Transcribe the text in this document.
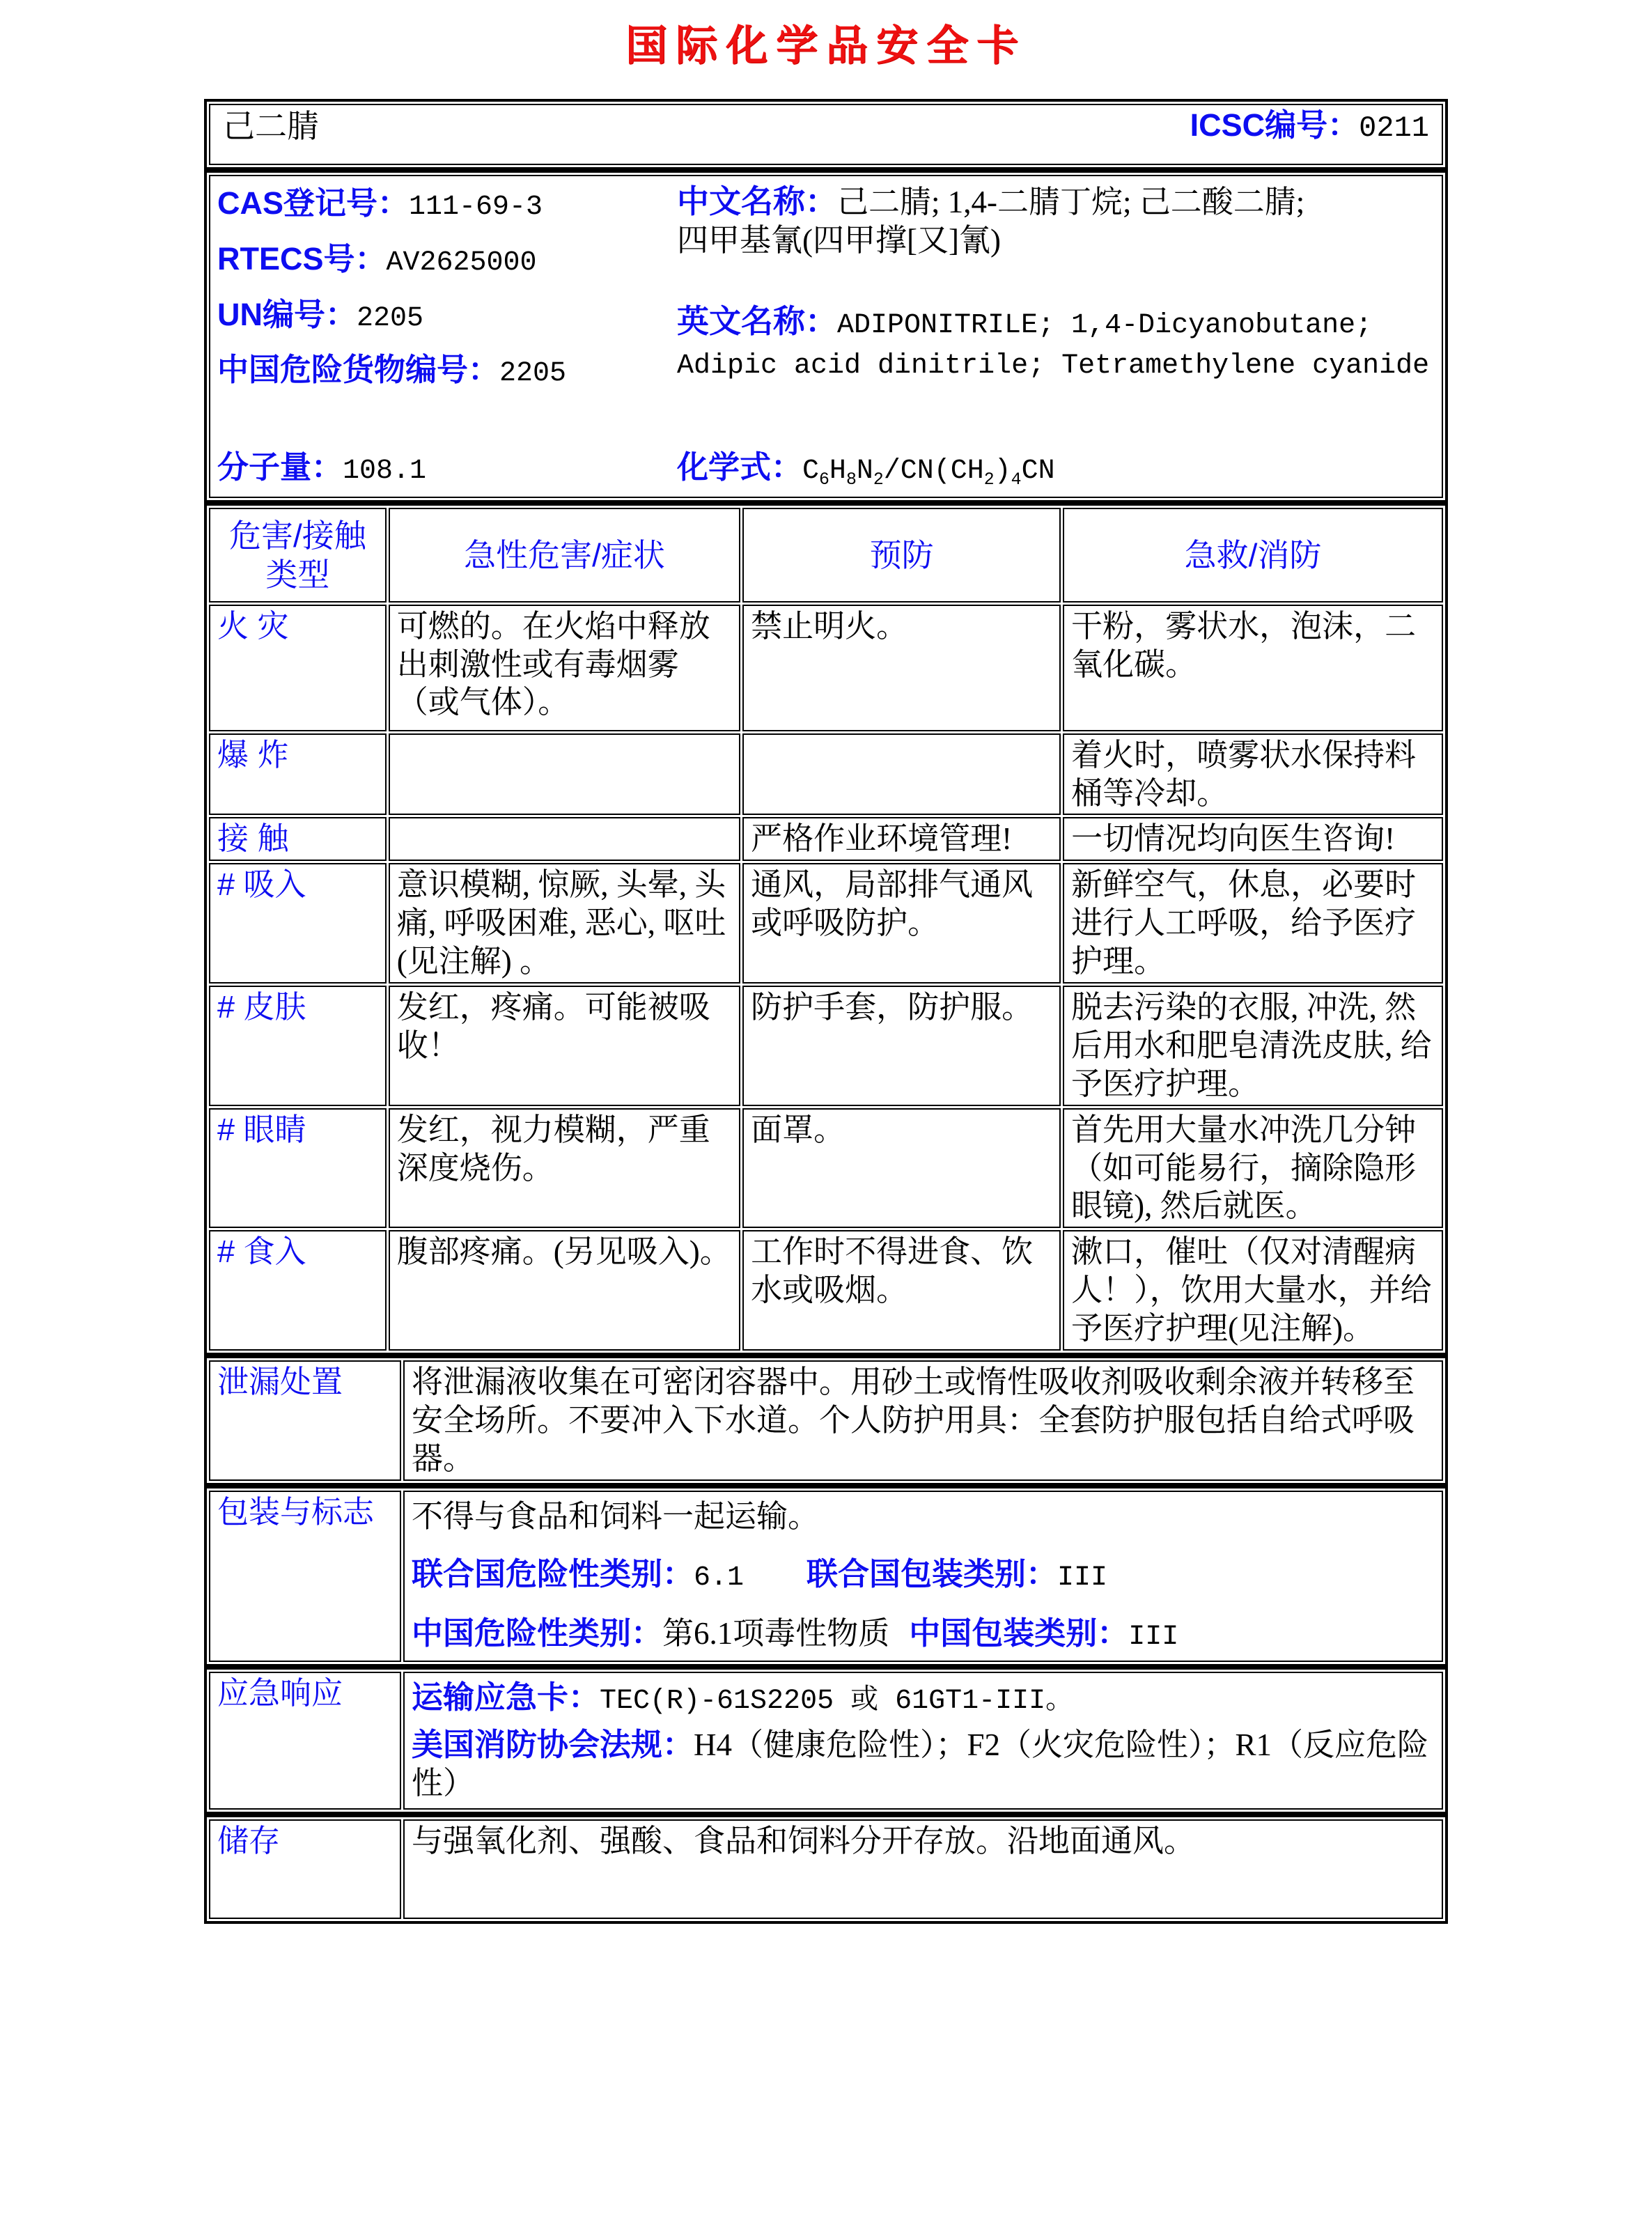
国际化学品安全卡
己二腈	ICSC编号：0211
CAS登记号：111-69-3
RTECS号：AV2625000
UN编号：2205
中国危险货物编号：2205
中文名称：己二腈; 1,4-二腈丁烷; 己二酸二腈;
四甲基氰(四甲撑[又]氰)
英文名称：ADIPONITRILE; 1,4-Dicyanobutane;
Adipic acid dinitrile; Tetramethylene cyanide
分子量：108.1	化学式：$C_6H_8N_2/CN(CH_2)_4CN$
危害/接触
类型	急性危害/症状	预防	急救/消防
火 灾	可燃的。在火焰中释放出刺激性或有毒烟雾（或气体）。	禁止明火。	干粉，雾状水，泡沫，二氧化碳。
爆 炸			着火时，喷雾状水保持料桶等冷却。
接 触		严格作业环境管理!	一切情况均向医生咨询!
# 吸入	意识模糊, 惊厥, 头晕, 头痛, 呼吸困难, 恶心, 呕吐(见注解) 。	通风，局部排气通风或呼吸防护。	新鲜空气，休息，必要时进行人工呼吸，给予医疗护理。
# 皮肤	发红，疼痛。可能被吸收！	防护手套，防护服。	脱去污染的衣服, 冲洗, 然后用水和肥皂清洗皮肤, 给予医疗护理。
# 眼睛	发红，视力模糊，严重深度烧伤。	面罩。	首先用大量水冲洗几分钟（如可能易行，摘除隐形眼镜), 然后就医。
# 食入	腹部疼痛。(另见吸入)。	工作时不得进食、饮水或吸烟。	漱口，催吐（仅对清醒病人！），饮用大量水，并给予医疗护理(见注解)。
泄漏处置	将泄漏液收集在可密闭容器中。用砂土或惰性吸收剂吸收剩余液并转移至安全场所。不要冲入下水道。个人防护用具：全套防护服包括自给式呼吸器。
包装与标志	不得与食品和饲料一起运输。
联合国危险性类别：6.1 联合国包装类别：III
中国危险性类别：第6.1项毒性物质 中国包装类别：III
应急响应	运输应急卡：TEC(R)-61S2205 或 61GT1-III。
美国消防协会法规：H4（健康危险性）；F2（火灾危险性）；R1（反应危险性）
储存	与强氧化剂、强酸、食品和饲料分开存放。沿地面通风。
